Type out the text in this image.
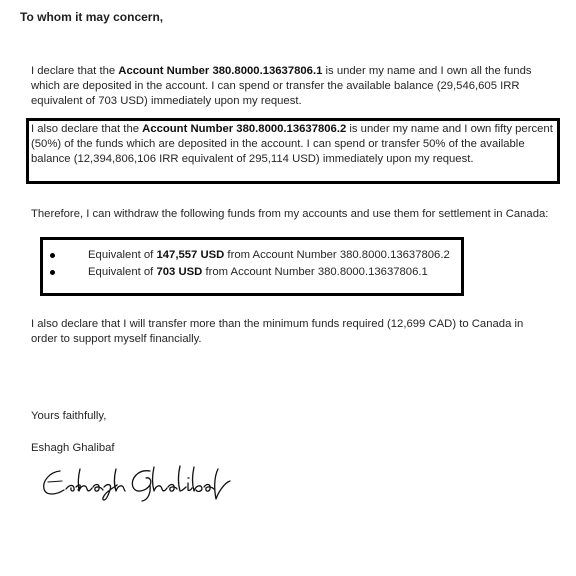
To whom it may concern,

I declare that the Account Number 380.8000.13637806.1 is under my name and I own all the funds which are deposited in the account. I can spend or transfer the available balance (29,546,605 IRR equivalent of 703 USD) immediately upon my request.

I also declare that the Account Number 380.8000.13637806.2 is under my name and I own fifty percent (50%) of the funds which are deposited in the account. I can spend or transfer 50% of the available balance (12,394,806,106 IRR equivalent of 295,114 USD) immediately upon my request.

Therefore, I can withdraw the following funds from my accounts and use them for settlement in Canada:

Equivalent of 147,557 USD from Account Number 380.8000.13637806.2
Equivalent of 703 USD from Account Number 380.8000.13637806.1

I also declare that I will transfer more than the minimum funds required (12,699 CAD) to Canada in order to support myself financially.

Yours faithfully,
Eshagh Ghalibaf
